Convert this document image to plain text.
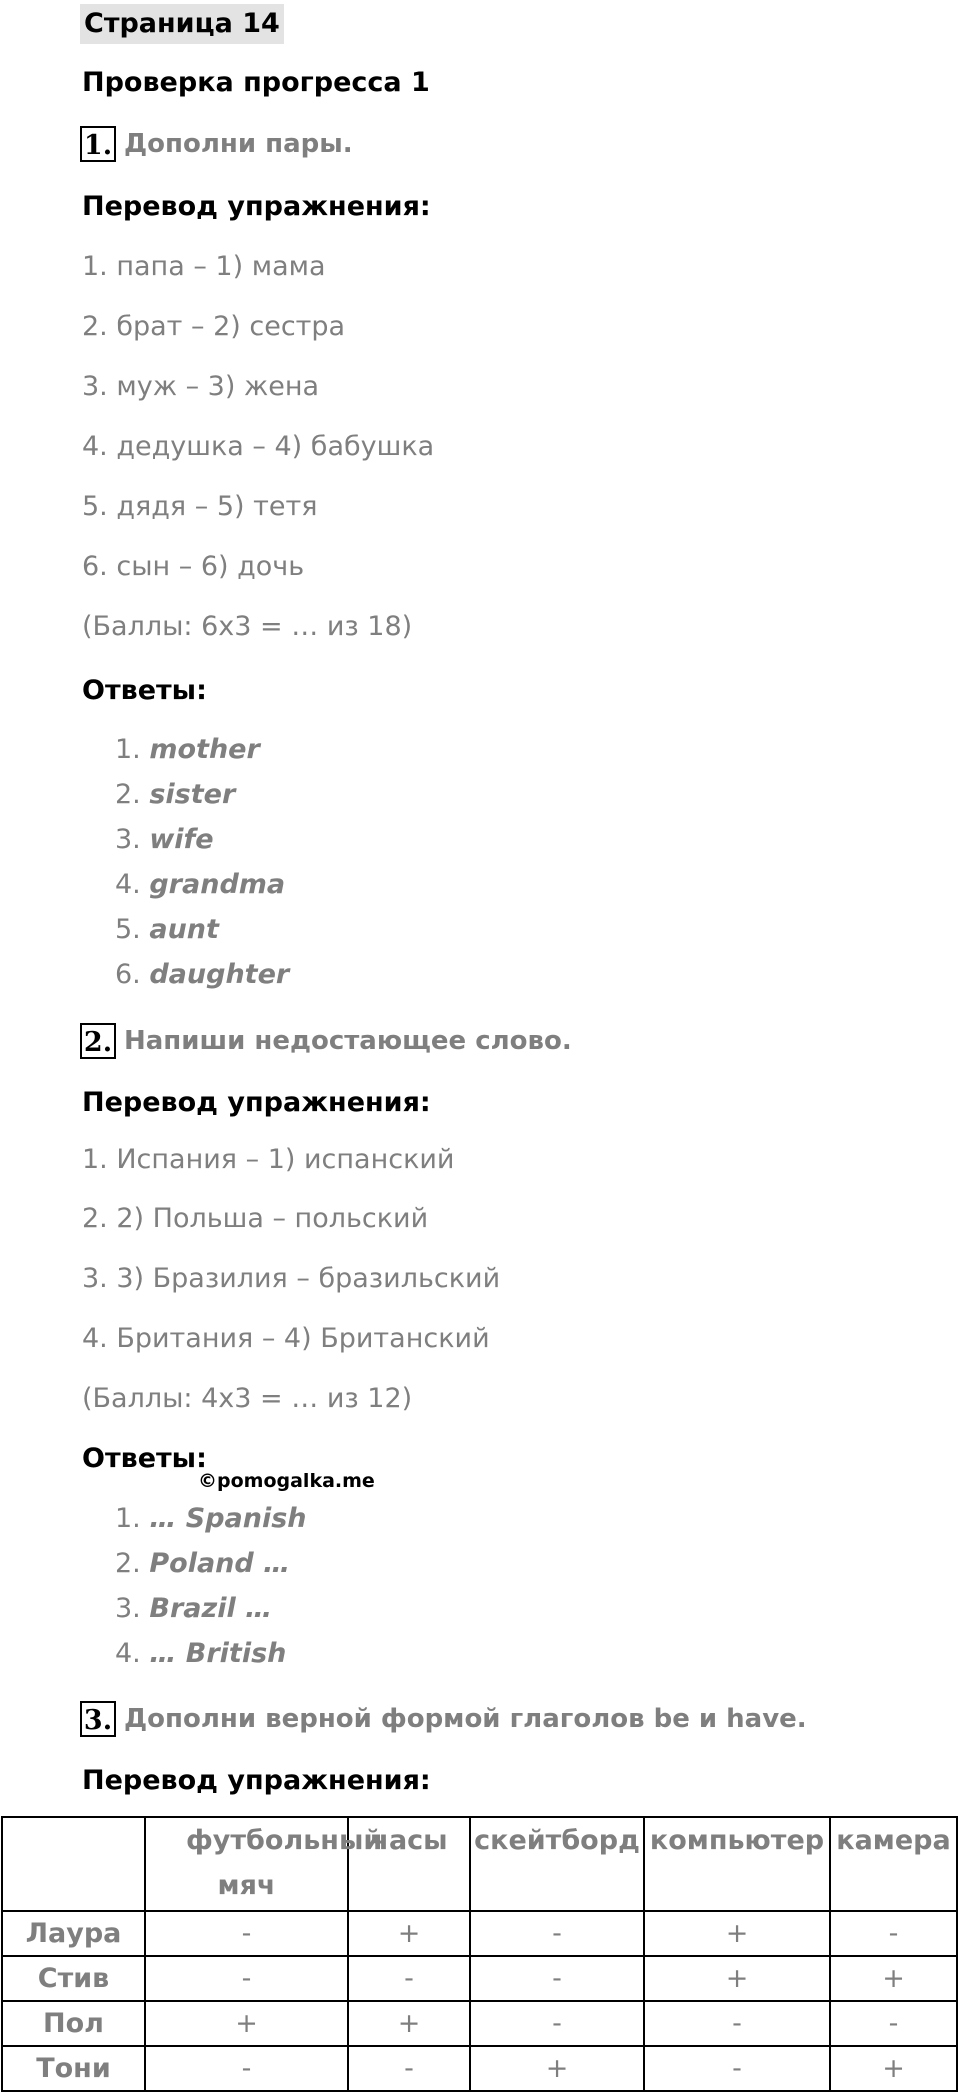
Страница 14
Проверка прогресса 1
1. Дополни пары.
Перевод упражнения:
1. папа – 1) мама
2. брат – 2) сестра
3. муж – 3) жена
4. дедушка – 4) бабушка
5. дядя – 5) тетя
6. сын – 6) дочь
(Баллы: 6х3 = … из 18)
Ответы:
1. mother
2. sister
3. wife
4. grandma
5. aunt
6. daughter
2. Напиши недостающее слово.
Перевод упражнения:
1. Испания – 1) испанский
2. 2) Польша – польский
3. 3) Бразилия – бразильский
4. Британия – 4) Британский
(Баллы: 4х3 = … из 12)
Ответы:
©pomogalka.me
1. … Spanish
2. Poland …
3. Brazil …
4. … British
3. Дополни верной формой глаголов be и have.
Перевод упражнения:
	футбольный мяч	часы	скейтборд	компьютер	камера
Лаура	-	+	-	+	-
Стив	-	-	-	+	+
Пол	+	+	-	-	-
Тони	-	-	+	-	+
